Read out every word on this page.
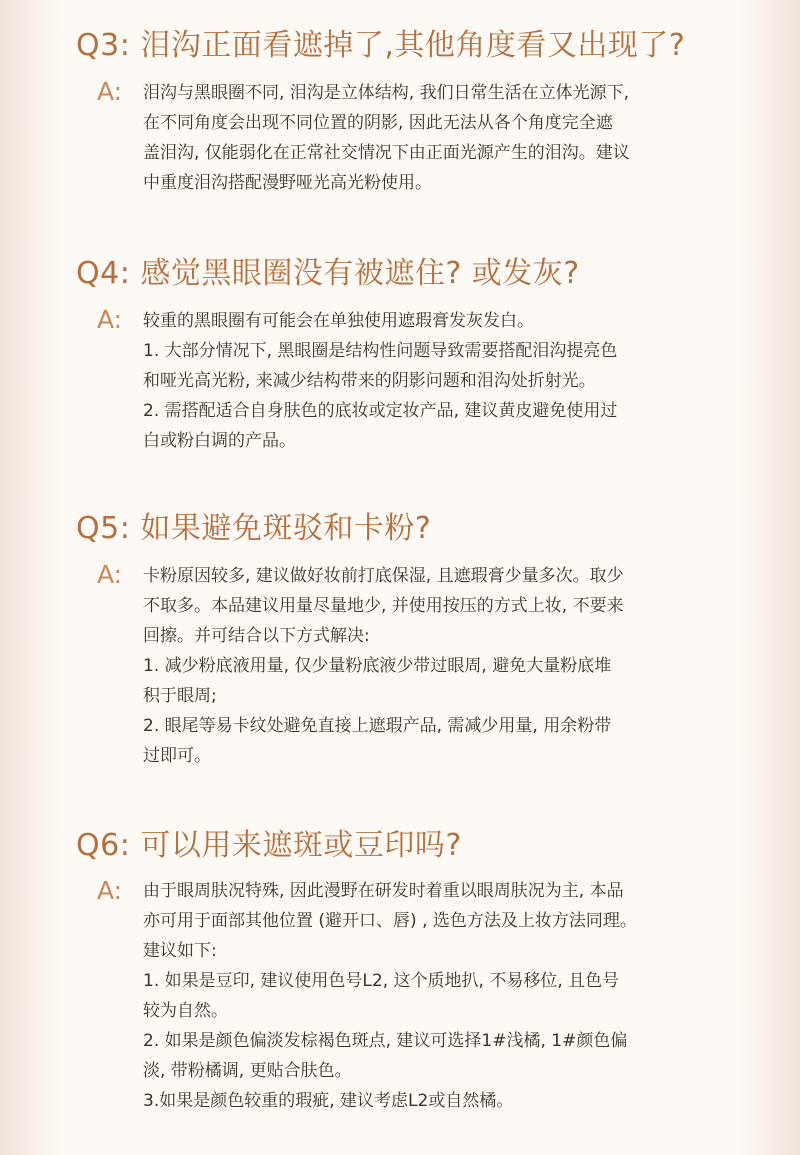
Q3: 泪沟正面看遮掉了,其他角度看又出现了?
A: 泪沟与黑眼圈不同, 泪沟是立体结构, 我们日常生活在立体光源下,

在不同角度会出现不同位置的阴影, 因此无法从各个角度完全遮

盖泪沟, 仅能弱化在正常社交情况下由正面光源产生的泪沟。建议

中重度泪沟搭配漫野哑光高光粉使用。

Q4: 感觉黑眼圈没有被遮住? 或发灰?
A: 较重的黑眼圈有可能会在单独使用遮瑕膏发灰发白。

1. 大部分情况下, 黑眼圈是结构性问题导致需要搭配泪沟提亮色

和哑光高光粉, 来减少结构带来的阴影问题和泪沟处折射光。

2. 需搭配适合自身肤色的底妆或定妆产品, 建议黄皮避免使用过

白或粉白调的产品。

Q5: 如果避免斑驳和卡粉?
A: 卡粉原因较多, 建议做好妆前打底保湿, 且遮瑕膏少量多次。取少

不取多。本品建议用量尽量地少, 并使用按压的方式上妆, 不要来

回擦。并可结合以下方式解决:

1. 减少粉底液用量, 仅少量粉底液少带过眼周, 避免大量粉底堆

积于眼周;

2. 眼尾等易卡纹处避免直接上遮瑕产品, 需减少用量, 用余粉带

过即可。

Q6: 可以用来遮斑或豆印吗?
A: 由于眼周肤况特殊, 因此漫野在研发时着重以眼周肤况为主, 本品

亦可用于面部其他位置 (避开口、唇) , 选色方法及上妆方法同理。

建议如下:

1. 如果是豆印, 建议使用色号L2, 这个质地扒, 不易移位, 且色号

较为自然。

2. 如果是颜色偏淡发棕褐色斑点, 建议可选择1#浅橘, 1#颜色偏

淡, 带粉橘调, 更贴合肤色。

3.如果是颜色较重的瑕疵, 建议考虑L2或自然橘。
